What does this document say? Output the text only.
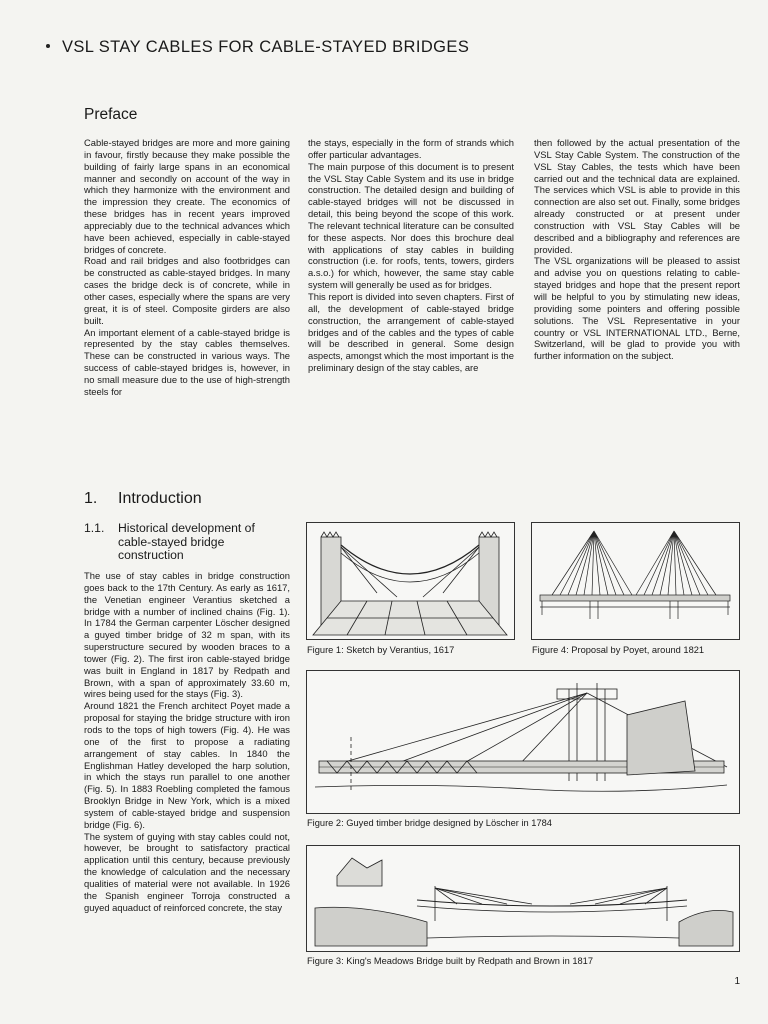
VSL STAY CABLES FOR CABLE-STAYED BRIDGES
Preface

Cable-stayed bridges are more and more gaining in favour, firstly because they make possible the building of fairly large spans in an economical manner and secondly on account of the way in which they harmonize with the environment and the impression they create. The economics of these bridges has in recent years improved appreciably due to the technical advances which have been achieved, especially in cable-stayed bridges of concrete.

Road and rail bridges and also footbridges can be constructed as cable-stayed bridges. In many cases the bridge deck is of concrete, while in other cases, especially where the spans are very great, it is of steel. Composite girders are also built.

An important element of a cable-stayed bridge is represented by the stay cables themselves. These can be constructed in various ways. The success of cable-stayed bridges is, however, in no small measure due to the use of high-strength steels for

the stays, especially in the form of strands which offer particular advantages.

The main purpose of this document is to present the VSL Stay Cable System and its use in bridge construction. The detailed design and building of cable-stayed bridges will not be discussed in detail, this being beyond the scope of this work. The relevant technical literature can be consulted for these aspects. Nor does this brochure deal with applications of stay cables in building construction (i.e. for roofs, tents, towers, girders a.s.o.) for which, however, the same stay cable system will generally be used as for bridges.

This report is divided into seven chapters. First of all, the development of cable-stayed bridge construction, the arrangement of cable-stayed bridges and of the cables and the types of cable will be described in general. Some design aspects, amongst which the most important is the preliminary design of the stay cables, are

then followed by the actual presentation of the VSL Stay Cable System. The construction of the VSL Stay Cables, the tests which have been carried out and the technical data are explained. The services which VSL is able to provide in this connection are also set out. Finally, some bridges already constructed or at present under construction with VSL Stay Cables will be described and a bibliography and references are provided.

The VSL organizations will be pleased to assist and advise you on questions relating to cable-stayed bridges and hope that the present report will be helpful to you by stimulating new ideas, providing some pointers and offering possible solutions. The VSL Representative in your country or VSL INTERNATIONAL LTD., Berne, Switzerland, will be glad to provide you with further information on the subject.

1. Introduction
1.1. Historical development of cable-stayed bridge construction

The use of stay cables in bridge construction goes back to the 17th Century. As early as 1617, the Venetian engineer Verantius sketched a bridge with a number of inclined chains (Fig. 1). In 1784 the German carpenter Löscher designed a guyed timber bridge of 32 m span, with its superstructure secured by wooden braces to a tower (Fig. 2). The first iron cable-stayed bridge was built in England in 1817 by Redpath and Brown, with a span of approximately 33.60 m, wires being used for the stays (Fig. 3).

Around 1821 the French architect Poyet made a proposal for staying the bridge structure with iron rods to the tops of high towers (Fig. 4). He was one of the first to propose a radiating arrangement of stay cables. In 1840 the Englishman Hatley developed the harp solution, in which the stays run parallel to one another (Fig. 5). In 1883 Roebling completed the famous Brooklyn Bridge in New York, which is a mixed system of cable-stayed bridge and suspension bridge (Fig. 6).

The system of guying with stay cables could not, however, be brought to satisfactory practical application until this century, because previously the knowledge of calculation and the necessary qualities of material were not available. In 1926 the Spanish engineer Torroja constructed a guyed aquaduct of reinforced concrete, the stay

Figure 1: Sketch by Verantius, 1617	Figure 4: Proposal by Poyet, around 1821
Figure 2: Guyed timber bridge designed by Löscher in 1784
Figure 3: King's Meadows Bridge built by Redpath and Brown in 1817
1
